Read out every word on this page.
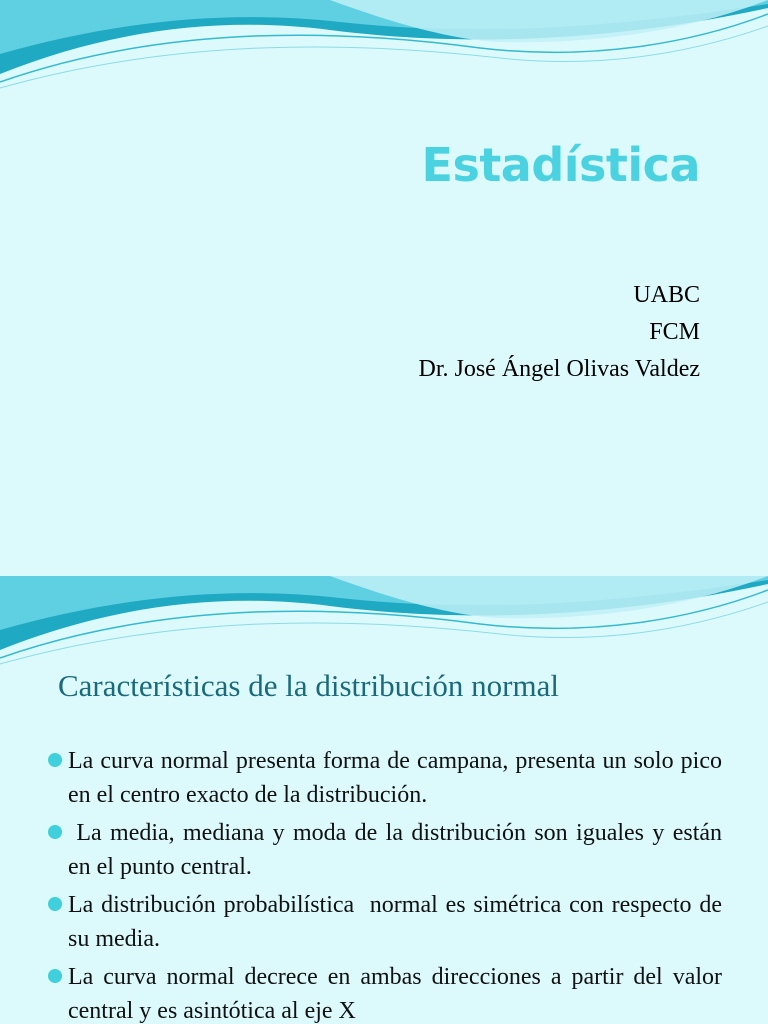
Estadística
UABC
FCM
Dr. José Ángel Olivas Valdez
Características de la distribución normal
La curva normal presenta forma de campana, presenta un solo pico en el centro exacto de la distribución.
La media, mediana y moda de la distribución son iguales y están en el punto central.
La distribución probabilística  normal es simétrica con respecto de su media.
La curva normal decrece en ambas direcciones a partir del valor central y es asintótica al eje X
